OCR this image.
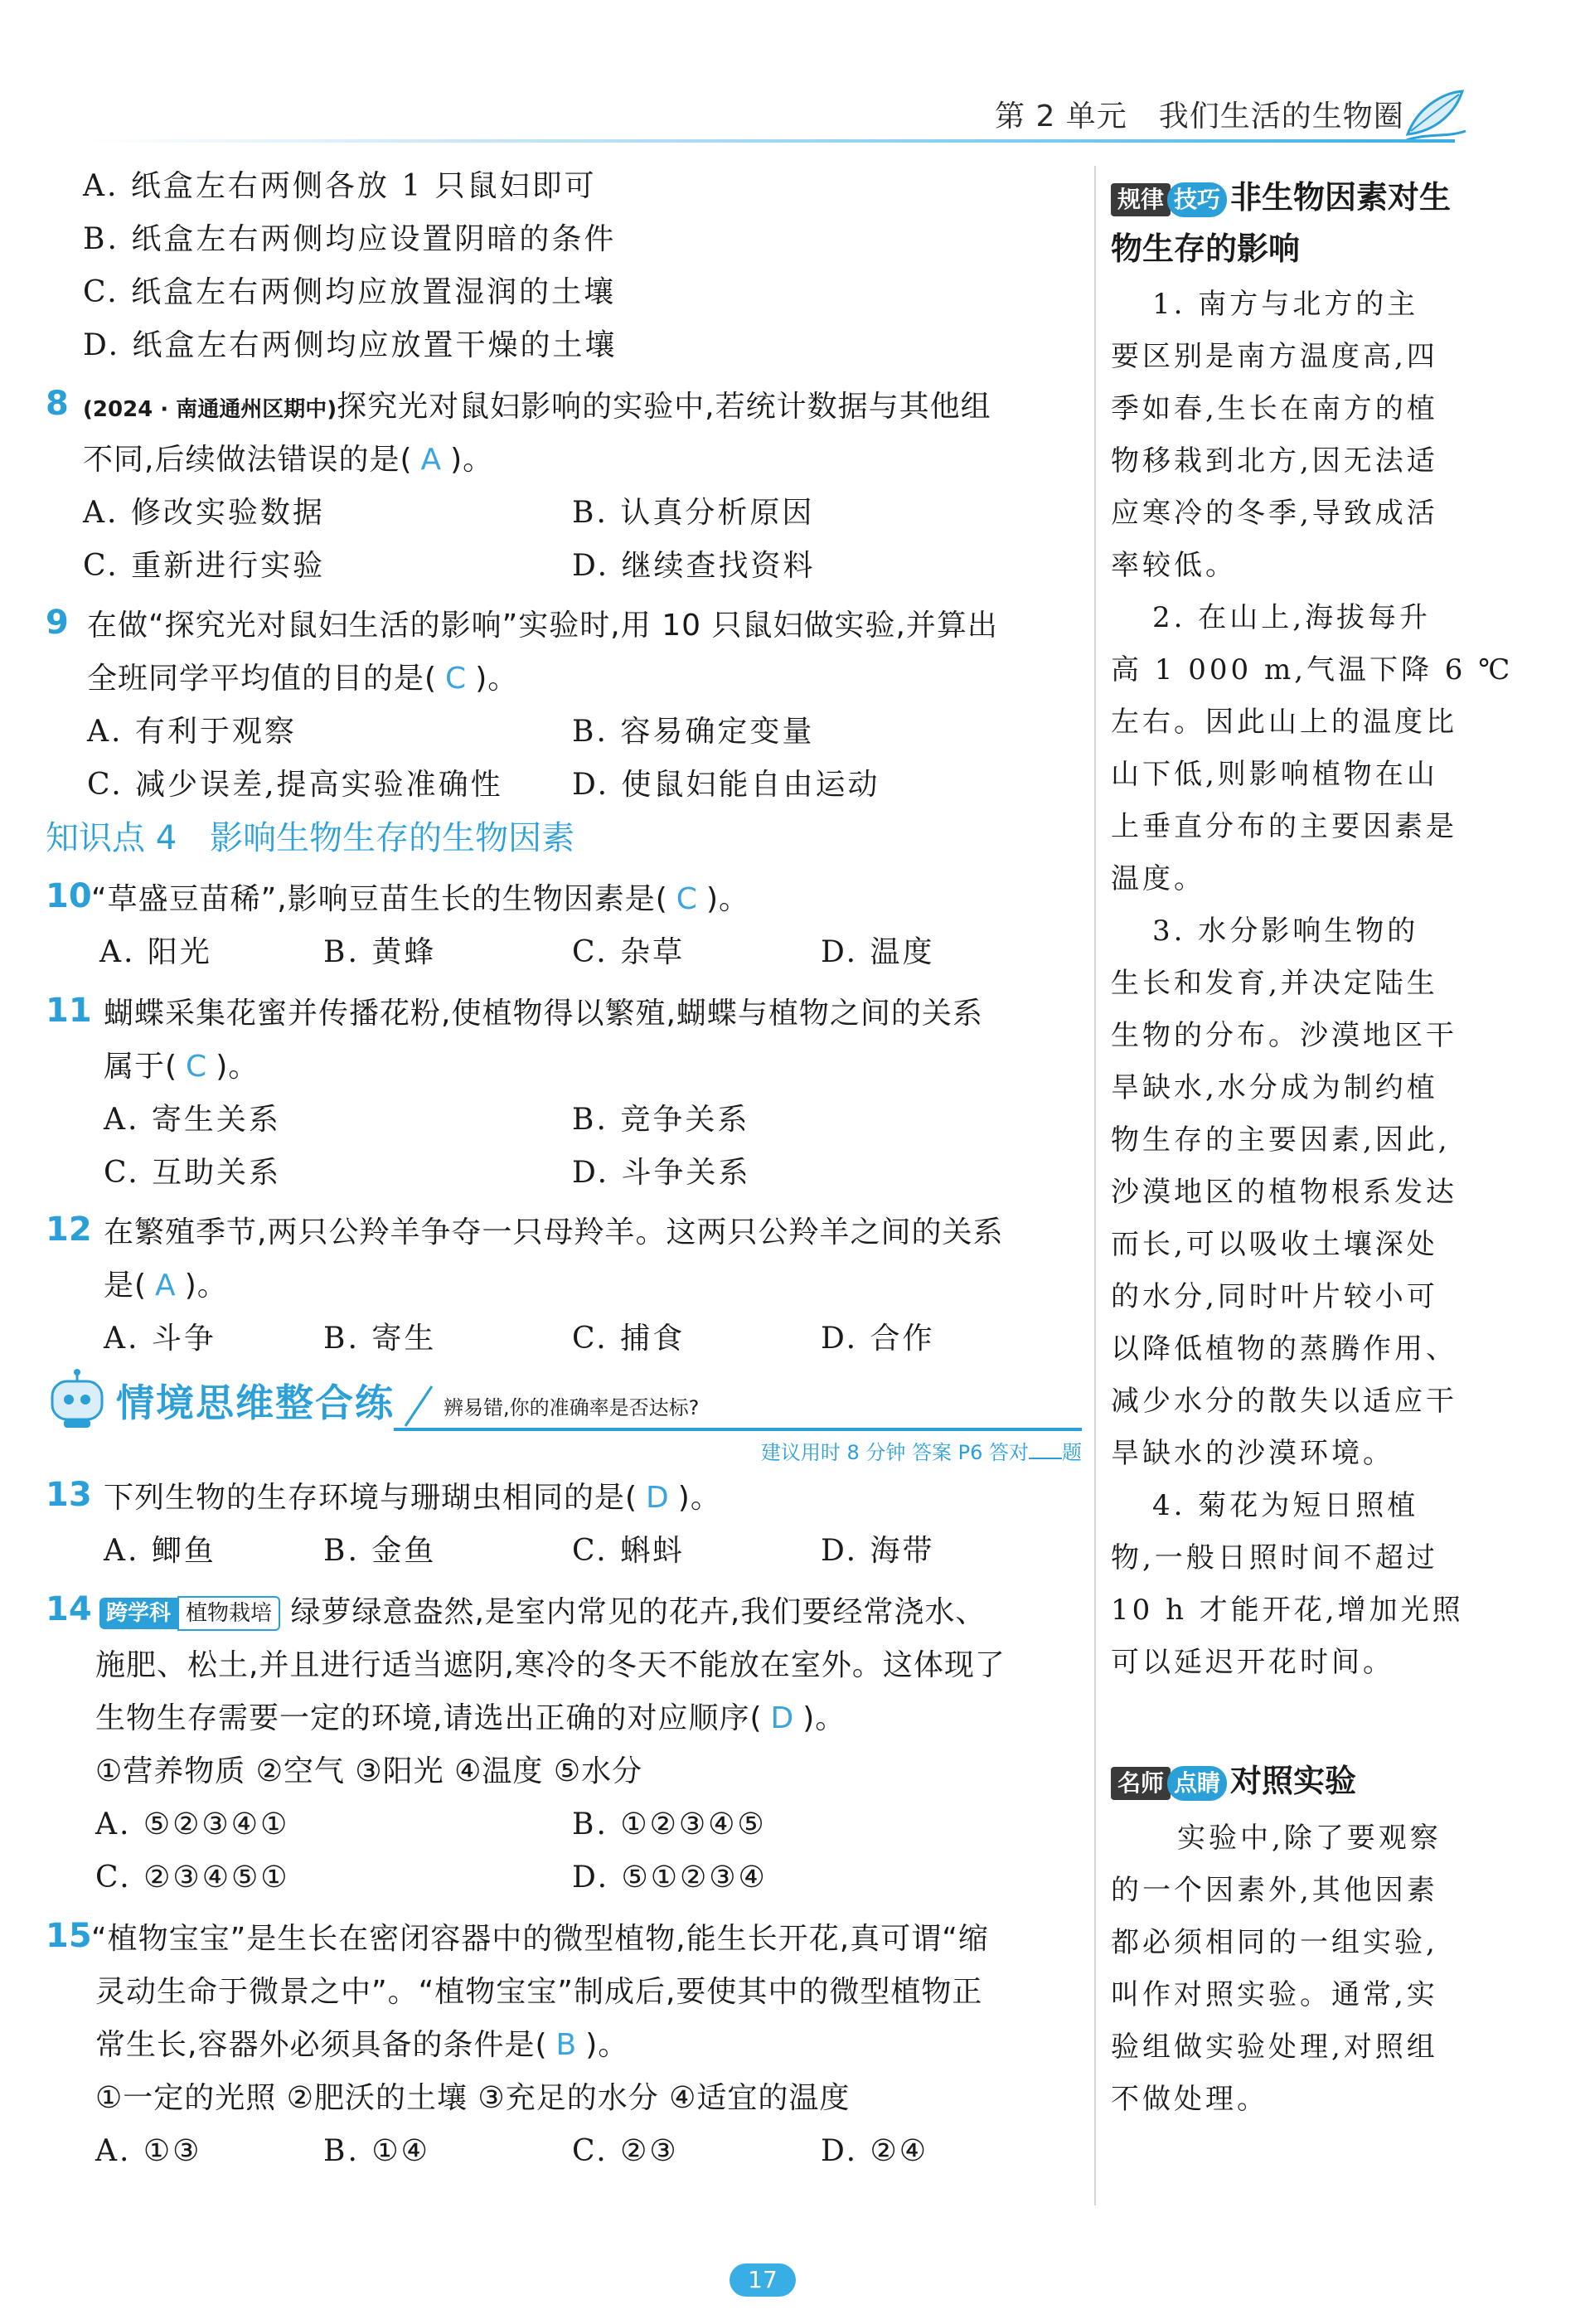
第 2 单元 我们生活的生物圈
A. 纸盒左右两侧各放 1 只鼠妇即可
B. 纸盒左右两侧均应设置阴暗的条件
C. 纸盒左右两侧均应放置湿润的土壤
D. 纸盒左右两侧均应放置干燥的土壤
8 (2024 · 南通通州区期中)探究光对鼠妇影响的实验中,若统计数据与其他组
不同,后续做法错误的是( A )。
A. 修改实验数据	B. 认真分析原因
C. 重新进行实验	D. 继续查找资料
9 在做“探究光对鼠妇生活的影响”实验时,用 10 只鼠妇做实验,并算出
全班同学平均值的目的是( C )。
A. 有利于观察	B. 容易确定变量
C. 减少误差,提高实验准确性 D. 使鼠妇能自由运动
知识点 4 影响生物生存的生物因素
10 “草盛豆苗稀”,影响豆苗生长的生物因素是( C )。
A. 阳光	B. 黄蜂	C. 杂草	D. 温度
11 蝴蝶采集花蜜并传播花粉,使植物得以繁殖,蝴蝶与植物之间的关系
属于( C )。
A. 寄生关系	B. 竞争关系
C. 互助关系	D. 斗争关系
12 在繁殖季节,两只公羚羊争夺一只母羚羊。这两只公羚羊之间的关系
是( A )。
A. 斗争	B. 寄生	C. 捕食	D. 合作
情境思维整合练 辨易错,你的准确率是否达标?
建议用时 8 分钟 答案 P6 答对 题
13 下列生物的生存环境与珊瑚虫相同的是( D )。
A. 鲫鱼	B. 金鱼	C. 蝌蚪	D. 海带
14 跨学科 植物栽培 绿萝绿意盎然,是室内常见的花卉,我们要经常浇水、
施肥、松土,并且进行适当遮阴,寒冷的冬天不能放在室外。这体现了
生物生存需要一定的环境,请选出正确的对应顺序( D )。
①营养物质 ②空气 ③阳光 ④温度 ⑤水分
A. ⑤②③④①	B. ①②③④⑤
C. ②③④⑤①	D. ⑤①②③④
15 “植物宝宝”是生长在密闭容器中的微型植物,能生长开花,真可谓“缩
灵动生命于微景之中”。“植物宝宝”制成后,要使其中的微型植物正
常生长,容器外必须具备的条件是( B )。
①一定的光照 ②肥沃的土壤 ③充足的水分 ④适宜的温度
A. ①③	B. ①④	C. ②③	D. ②④
规律 技巧 非生物因素对生
物生存的影响
1. 南方与北方的主
要区别是南方温度高,四
季如春,生长在南方的植
物移栽到北方,因无法适
应寒冷的冬季,导致成活
率较低。
2. 在山上,海拔每升
高 1 000 m,气温下降 6 ℃
左右。因此山上的温度比
山下低,则影响植物在山
上垂直分布的主要因素是
温度。
3. 水分影响生物的
生长和发育,并决定陆生
生物的分布。沙漠地区干
旱缺水,水分成为制约植
物生存的主要因素,因此,
沙漠地区的植物根系发达
而长,可以吸收土壤深处
的水分,同时叶片较小可
以降低植物的蒸腾作用、
减少水分的散失以适应干
旱缺水的沙漠环境。
4. 菊花为短日照植
物,一般日照时间不超过
10 h 才能开花,增加光照
可以延迟开花时间。
名师 点睛 对照实验
实验中,除了要观察
的一个因素外,其他因素
都必须相同的一组实验,
叫作对照实验。通常,实
验组做实验处理,对照组
不做处理。
17
